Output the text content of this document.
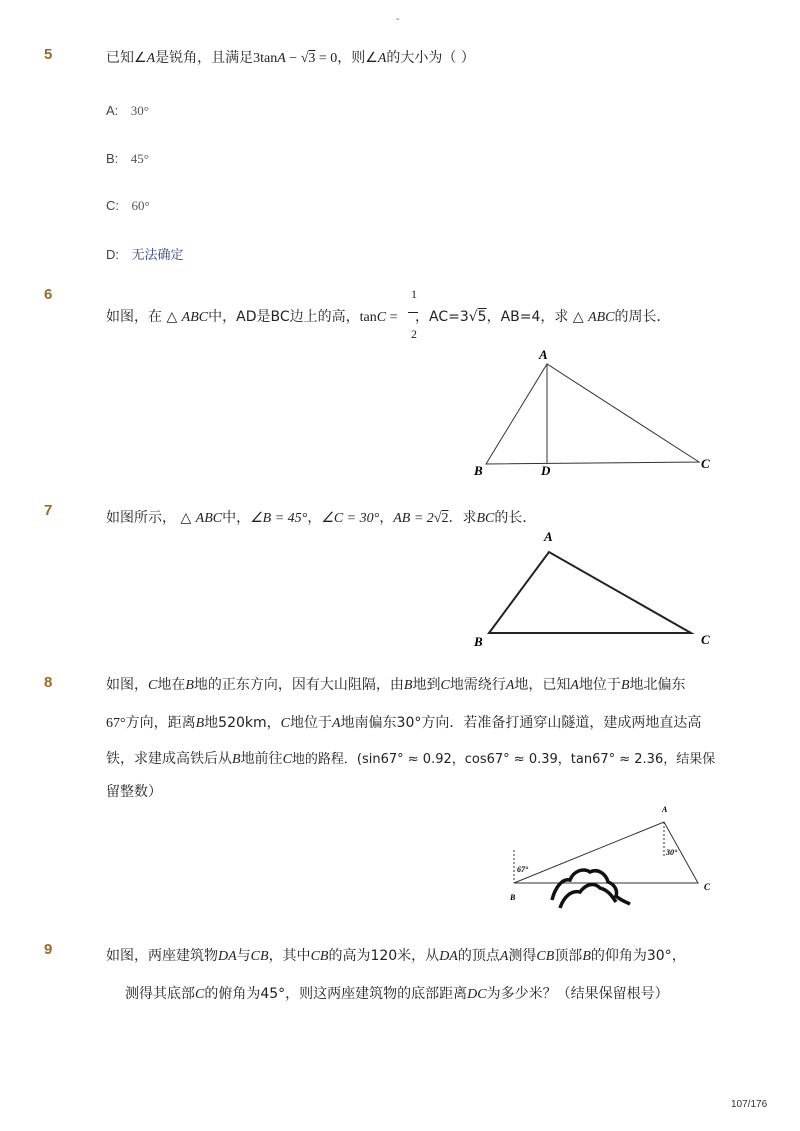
-
5	已知∠A是锐角，且满足3tanA − √3 = 0，则∠A的大小为（ ）
A: 30°
B: 45°
C: 60°
D: 无法确定
6	1
2
如图，在 △ ABC中，AD是BC边上的高，tanC = ，AC=3√5，AB=4，求 △ ABC的周长．
A
B	D	C
7	如图所示， △ ABC中，∠B = 45°，∠C = 30°，AB = 2√2．求BC的长．
A
B	C
8	如图，C地在B地的正东方向，因有大山阻隔，由B地到C地需绕行A地，已知A地位于B地北偏东
67°方向，距离B地520km，C地位于A地南偏东30°方向．若准备打通穿山隧道，建成两地直达高
铁，求建成高铁后从B地前往C地的路程．(sin67° ≈ 0.92，cos67° ≈ 0.39，tan67° ≈ 2.36，结果保
留整数）
A
B
C
67°
30°
9	如图，两座建筑物DA与CB，其中CB的高为120米，从DA的顶点A测得CB顶部B的仰角为30°，
测得其底部C的俯角为45°，则这两座建筑物的底部距离DC为多少米？（结果保留根号）
107/176
